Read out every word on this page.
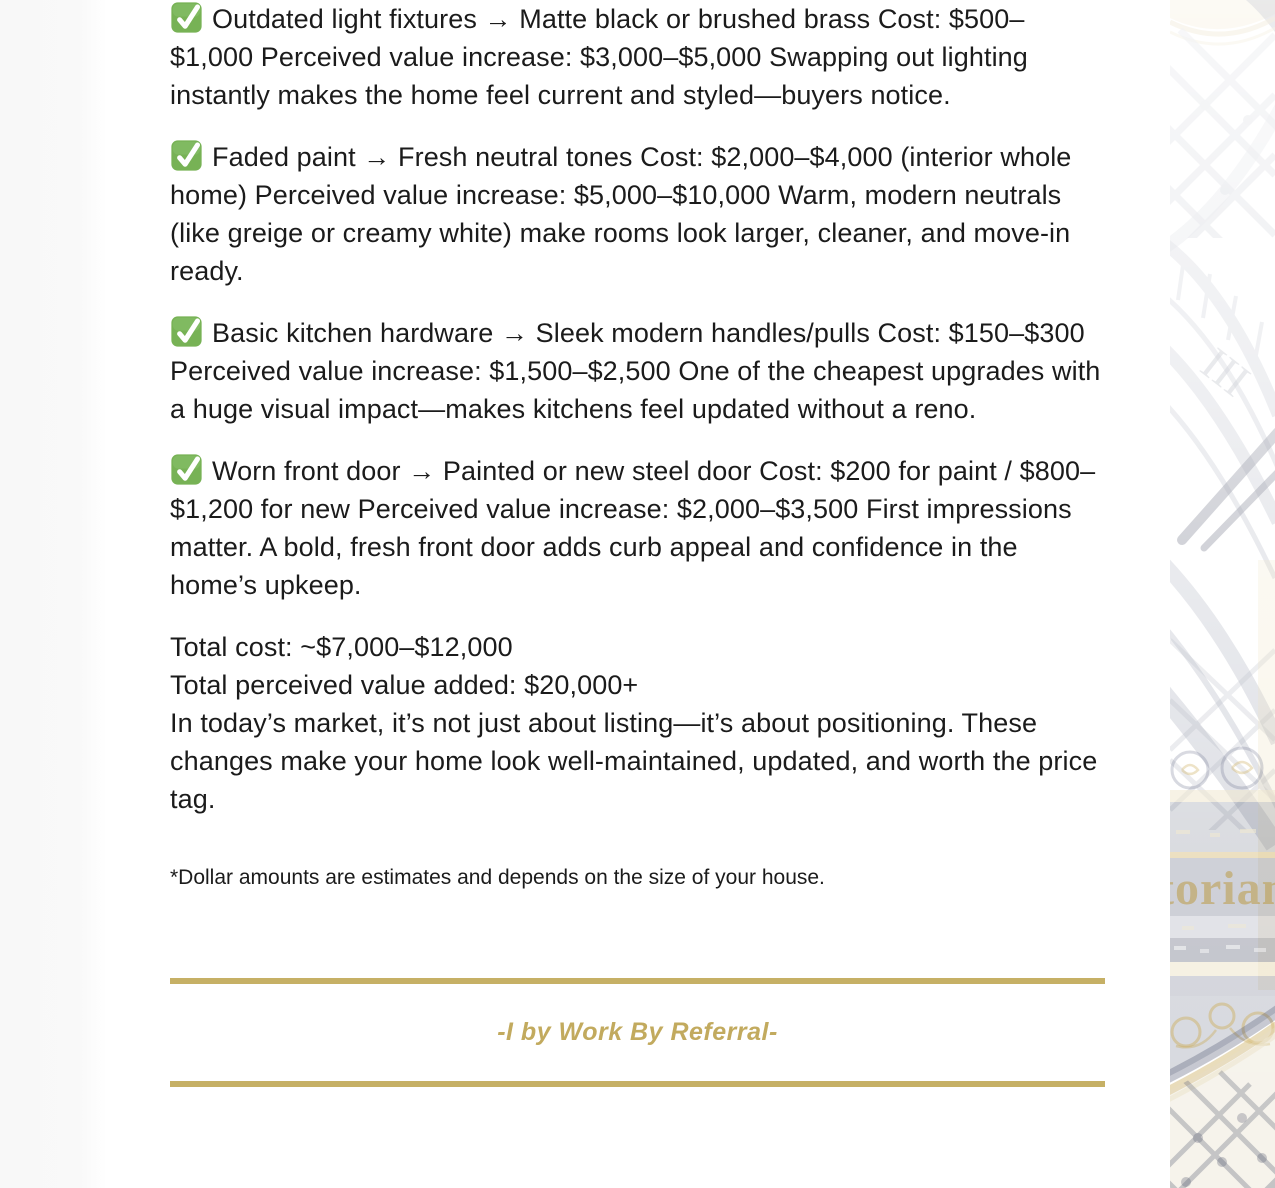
Outdated light fixtures → Matte black or brushed brass Cost: $500–$1,000 Perceived value increase: $3,000–$5,000 Swapping out lighting instantly makes the home feel current and styled—buyers notice.

Faded paint → Fresh neutral tones Cost: $2,000–$4,000 (interior whole home) Perceived value increase: $5,000–$10,000 Warm, modern neutrals (like greige or creamy white) make rooms look larger, cleaner, and move-in ready.

Basic kitchen hardware → Sleek modern handles/pulls Cost: $150–$300 Perceived value increase: $1,500–$2,500 One of the cheapest upgrades with a huge visual impact—makes kitchens feel updated without a reno.

Worn front door → Painted or new steel door Cost: $200 for paint / $800–$1,200 for new Perceived value increase: $2,000–$3,500 First impressions matter. A bold, fresh front door adds curb appeal and confidence in the home’s upkeep.

Total cost: ~$7,000–$12,000
Total perceived value added: $20,000+
In today’s market, it’s not just about listing—it’s about positioning. These changes make your home look well-maintained, updated, and worth the price tag.

*Dollar amounts are estimates and depends on the size of your house.

-I by Work By Referral-
